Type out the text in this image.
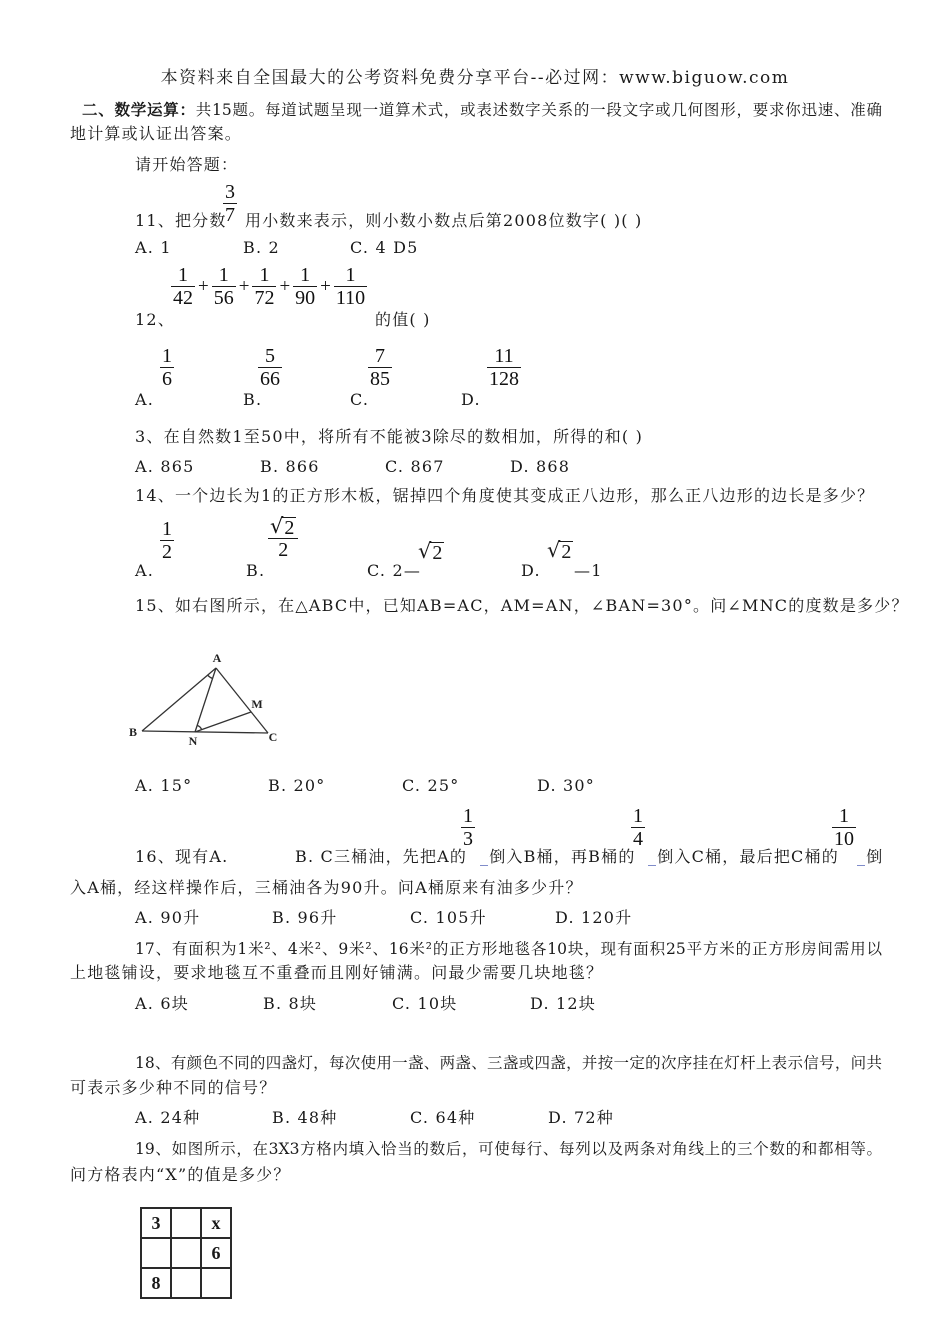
本资料来自全国最大的公考资料免费分享平台--必过网：www.biguow.com
二、数学运算：共15题。每道试题呈现一道算术式，或表述数字关系的一段文字或几何图形，要求你迅速、准确
地计算或认证出答案。
请开始答题：
$\frac{3}{7}$
11、把分数 用小数来表示，则小数小数点后第2008位数字( )( )
A. 1	B. 2	C. 4 D5
$\frac{1}{42} + \frac{1}{56} + \frac{1}{72} + \frac{1}{90} + \frac{1}{110}$
12、	的值( )
$\frac{1}{6}$	$\frac{5}{66}$	$\frac{7}{85}$	$\frac{11}{128}$
A.	B.	C.	D.
3、在自然数1至50中，将所有不能被3除尽的数相加，所得的和( )
A. 865	B. 866	C. 867	D. 868
14、一个边长为1的正方形木板，锯掉四个角度使其变成正八边形，那么正八边形的边长是多少？
$\frac{1}{2}$	$\frac{√ 2}{2}$
A.	B.	C. 2—
√ 2
D.
√ 2
—1
15、如右图所示，在△ABC中，已知AB=AC，AM=AN，∠BAN=30°。问∠MNC的度数是多少？
A
B	C
M
N
A. 15°	B. 20°	C. 25°	D. 30°
$\frac{1}{3}$	$\frac{1}{4}$	$\frac{1}{10}$
16、现有A.	B. C三桶油，先把A的 _倒入B桶，再B桶的 _倒入C桶，最后把C桶的 _倒
入A桶，经这样操作后，三桶油各为90升。问A桶原来有油多少升？
A. 90升	B. 96升	C. 105升	D. 120升
17、有面积为1米²、4米²、9米²、16米²的正方形地毯各10块，现有面积25平方米的正方形房间需用以
上地毯铺设，要求地毯互不重叠而且刚好铺满。问最少需要几块地毯？
A. 6块	B. 8块	C. 10块	D. 12块
18、有颜色不同的四盏灯，每次使用一盏、两盏、三盏或四盏，并按一定的次序挂在灯杆上表示信号，问共
可表示多少种不同的信号？
A. 24种	B. 48种	C. 64种	D. 72种
19、如图所示，在3X3方格内填入恰当的数后，可使每行、每列以及两条对角线上的三个数的和都相等。
问方格表内“X”的值是多少？
3		x
		6
8		
